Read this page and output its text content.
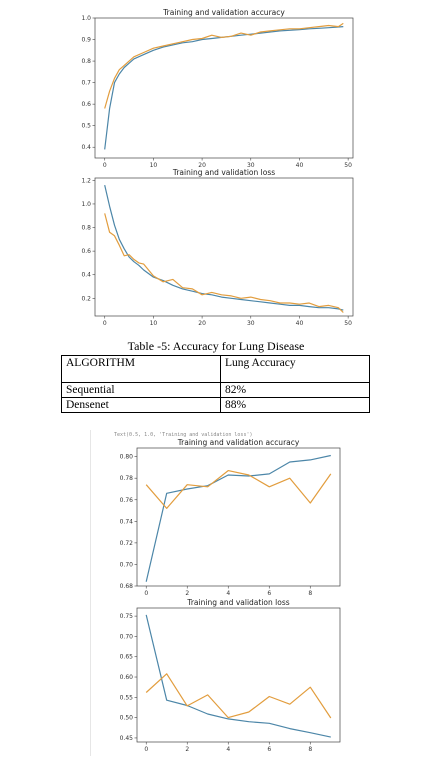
Training and validation accuracy
0	10	20	30	40	50
0.4
0.5
0.6
0.7
0.8
0.9
1.0
Training and validation loss
0	10	20	30	40	50
0.2
0.4
0.6
0.8
1.0
1.2
Training and validation accuracy
0	2	4	6	8
0.68
0.70
0.72
0.74
0.76
0.78
0.80
Training and validation loss
0	2	4	6	8
0.45
0.50
0.55
0.60
0.65
0.70
0.75
Table -5: Accuracy for Lung Disease
ALGORITHM	Lung Accuracy
Sequential	82%
Densenet	88%
Text(0.5, 1.0, 'Training and validation loss')
